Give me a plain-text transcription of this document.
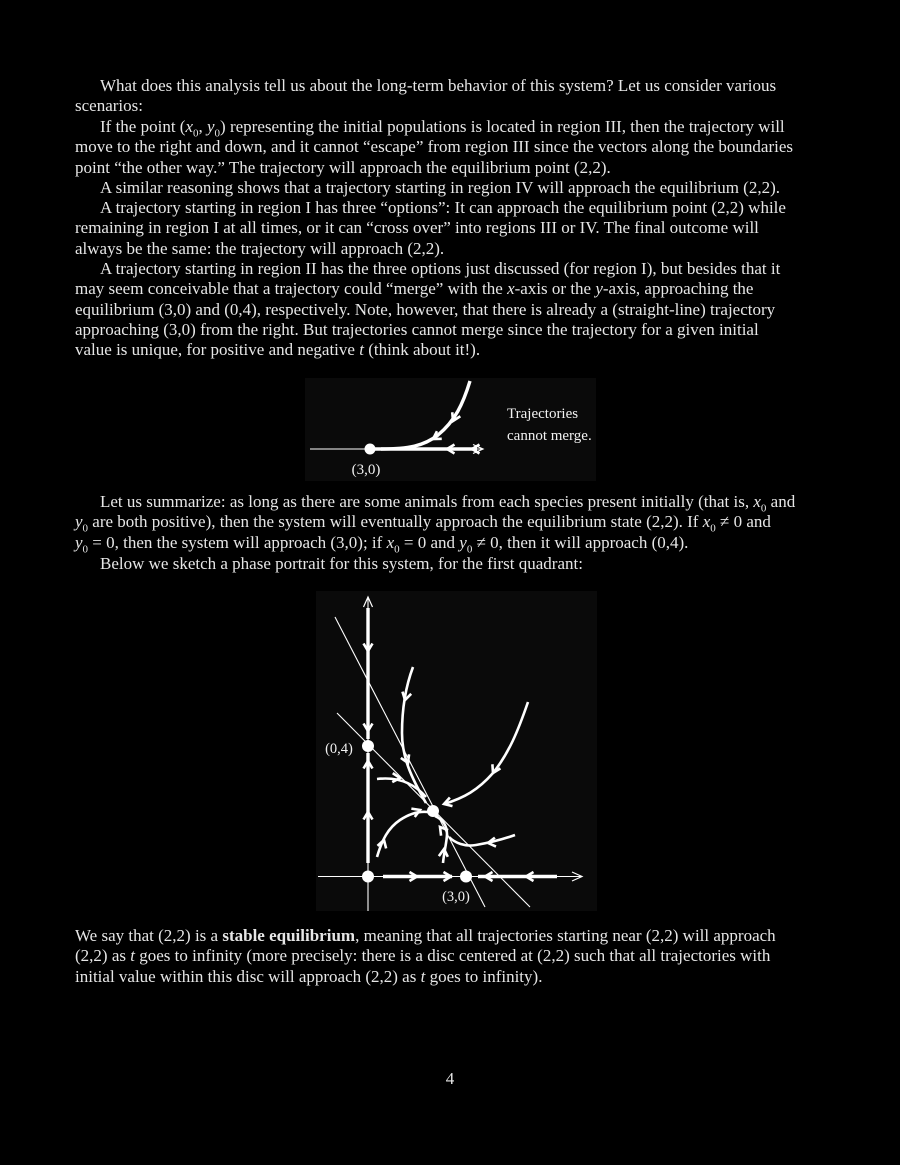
What does this analysis tell us about the long-term behavior of this system? Let us consider various
scenarios:
If the point ($x_0$, $y_0$) representing the initial populations is located in region III, then the trajectory will
move to the right and down, and it cannot “escape” from region III since the vectors along the boundaries
point “the other way.” The trajectory will approach the equilibrium point (2,2).
A similar reasoning shows that a trajectory starting in region IV will approach the equilibrium (2,2).
A trajectory starting in region I has three “options”: It can approach the equilibrium point (2,2) while
remaining in region I at all times, or it can “cross over” into regions III or IV. The final outcome will
always be the same: the trajectory will approach (2,2).
A trajectory starting in region II has the three options just discussed (for region I), but besides that it
may seem conceivable that a trajectory could “merge” with the x-axis or the y-axis, approaching the
equilibrium (3,0) and (0,4), respectively. Note, however, that there is already a (straight-line) trajectory
approaching (3,0) from the right. But trajectories cannot merge since the trajectory for a given initial
value is unique, for positive and negative t (think about it!).
(3,0)
Trajectories
cannot merge.
Let us summarize: as long as there are some animals from each species present initially (that is, $x_0$ and
$y_0$ are both positive), then the system will eventually approach the equilibrium state (2,2). If $x_0 \ne 0$ and
$y_0 = 0$, then the system will approach (3,0); if $x_0 = 0$ and $y_0 \ne 0$, then it will approach (0,4).
Below we sketch a phase portrait for this system, for the first quadrant:
(0,4)
(3,0)
We say that (2,2) is a stable equilibrium, meaning that all trajectories starting near (2,2) will approach
(2,2) as t goes to infinity (more precisely: there is a disc centered at (2,2) such that all trajectories with
initial value within this disc will approach (2,2) as t goes to infinity).
4
